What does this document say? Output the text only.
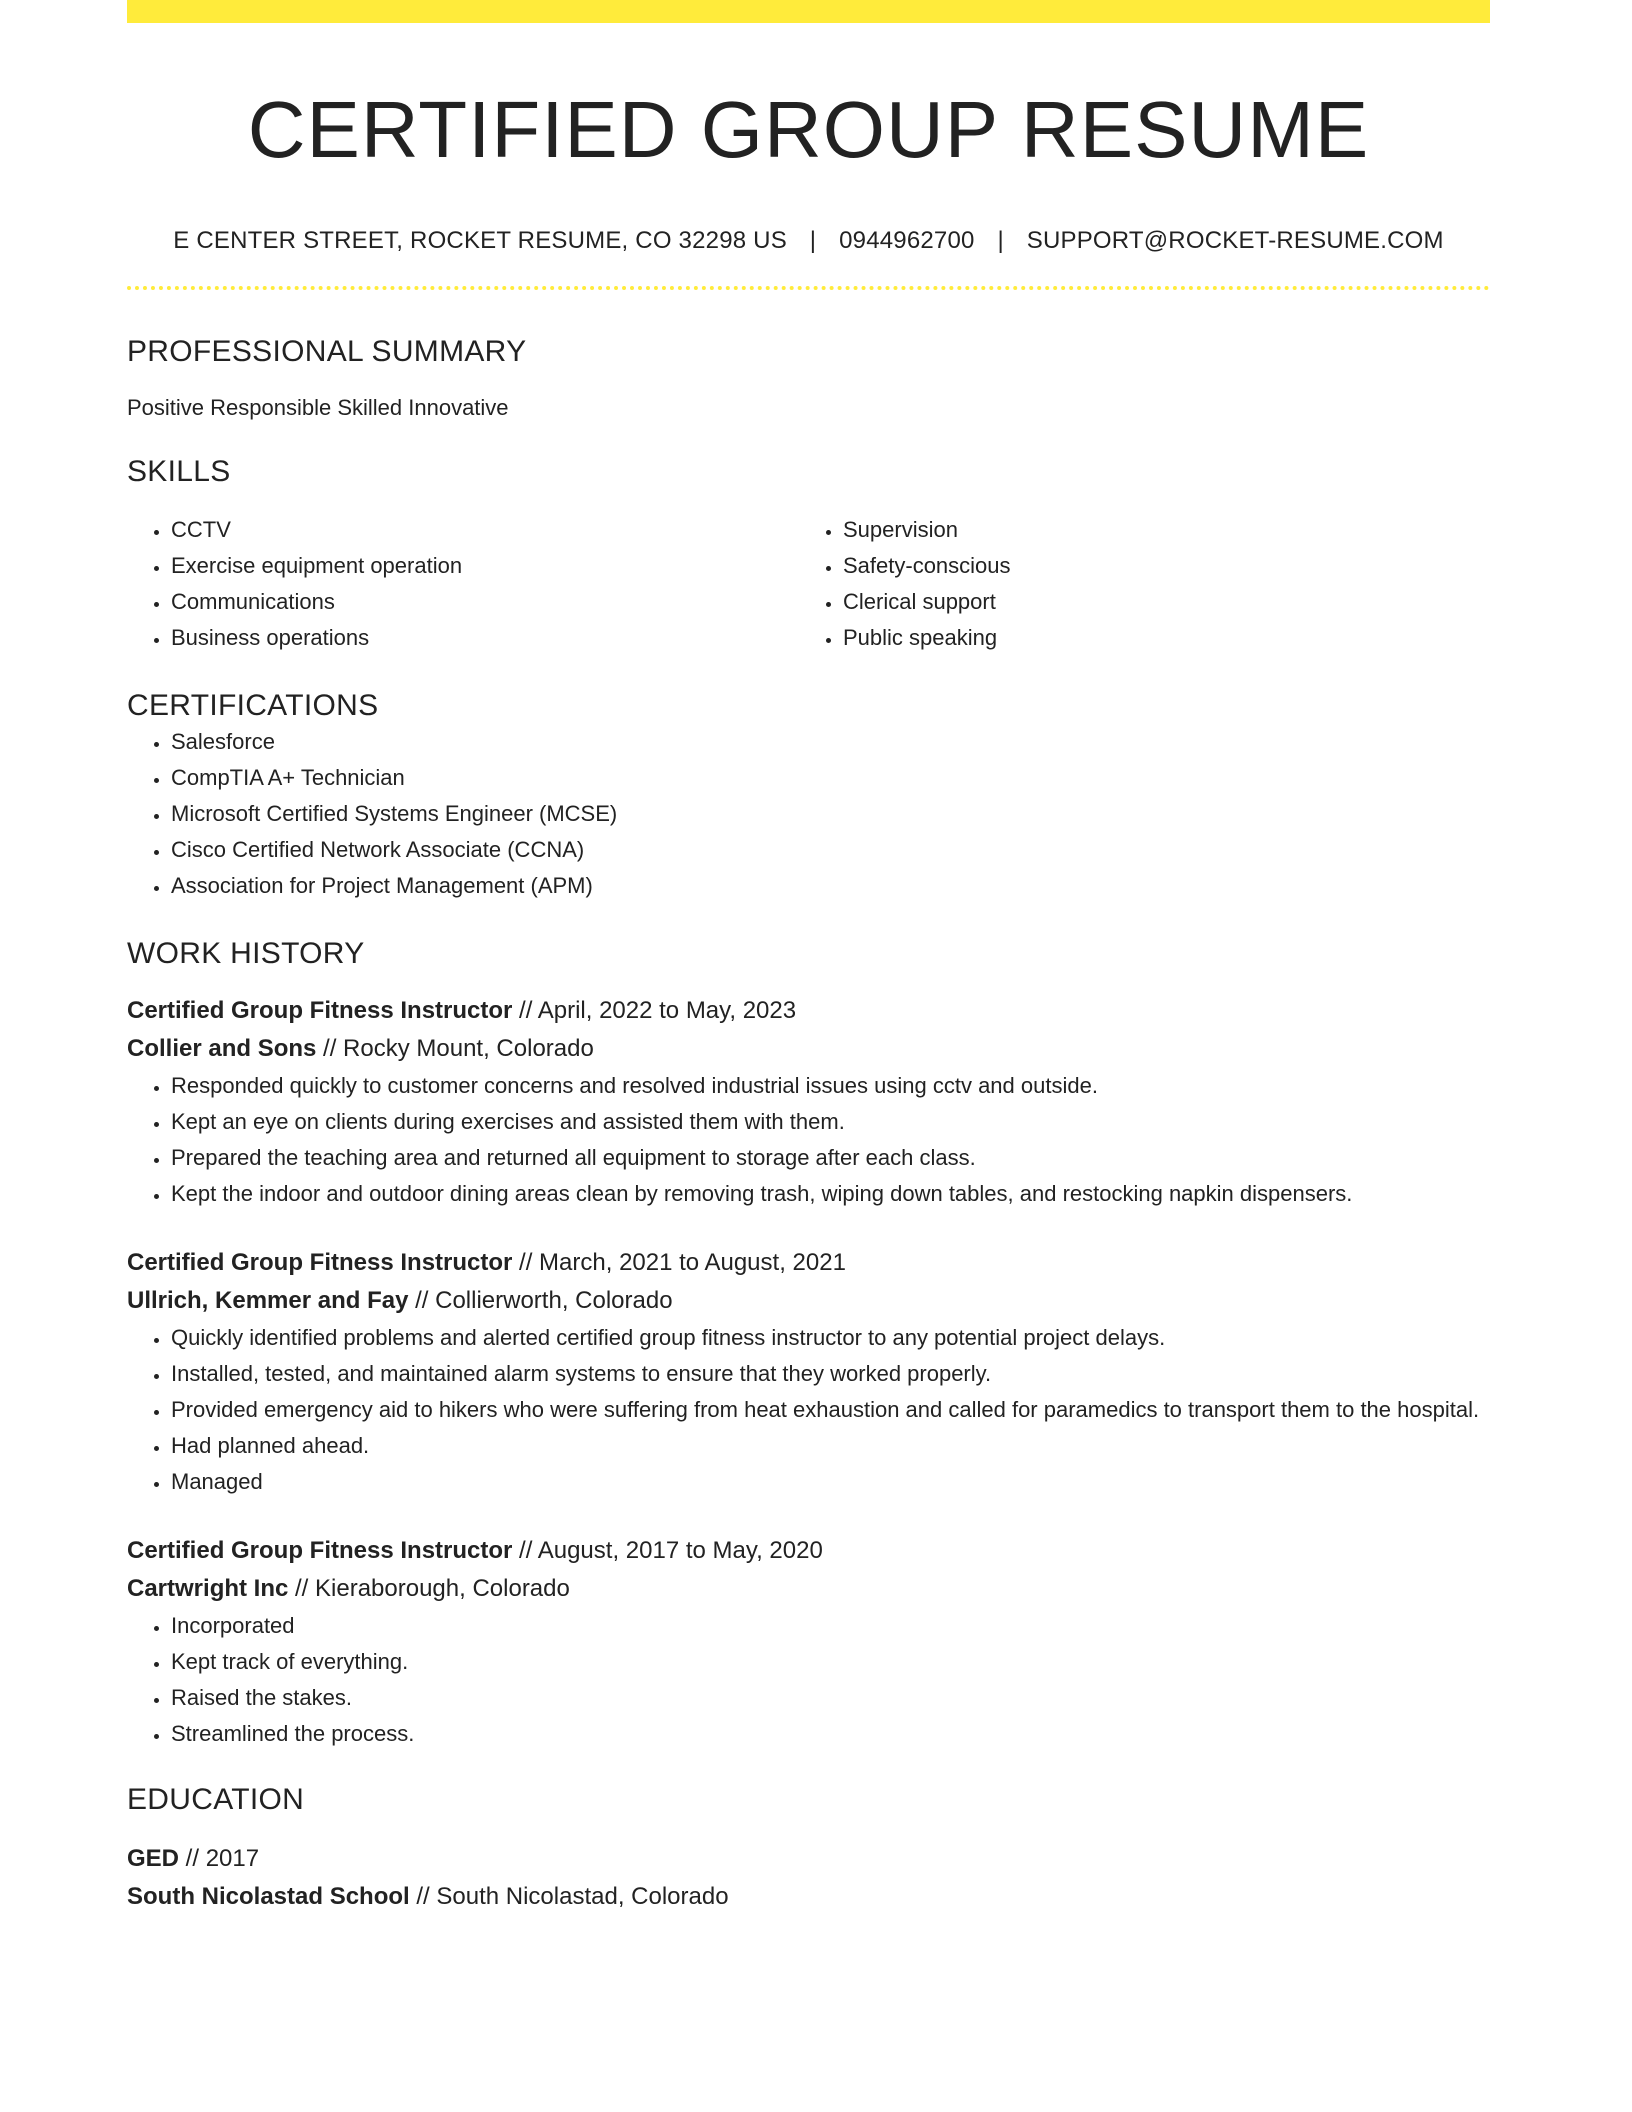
CERTIFIED GROUP RESUME
E CENTER STREET, ROCKET RESUME, CO 32298 US | 0944962700 | SUPPORT@ROCKET-RESUME.COM
PROFESSIONAL SUMMARY
Positive Responsible Skilled Innovative
SKILLS
• CCTV
• Exercise equipment operation
• Communications
• Business operations
• Supervision
• Safety-conscious
• Clerical support
• Public speaking
CERTIFICATIONS
• Salesforce
• CompTIA A+ Technician
• Microsoft Certified Systems Engineer (MCSE)
• Cisco Certified Network Associate (CCNA)
• Association for Project Management (APM)
WORK HISTORY
Certified Group Fitness Instructor // April, 2022 to May, 2023
Collier and Sons // Rocky Mount, Colorado
• Responded quickly to customer concerns and resolved industrial issues using cctv and outside.
• Kept an eye on clients during exercises and assisted them with them.
• Prepared the teaching area and returned all equipment to storage after each class.
• Kept the indoor and outdoor dining areas clean by removing trash, wiping down tables, and restocking napkin dispensers.
Certified Group Fitness Instructor // March, 2021 to August, 2021
Ullrich, Kemmer and Fay // Collierworth, Colorado
• Quickly identified problems and alerted certified group fitness instructor to any potential project delays.
• Installed, tested, and maintained alarm systems to ensure that they worked properly.
• Provided emergency aid to hikers who were suffering from heat exhaustion and called for paramedics to transport them to the hospital.
• Had planned ahead.
• Managed
Certified Group Fitness Instructor // August, 2017 to May, 2020
Cartwright Inc // Kieraborough, Colorado
• Incorporated
• Kept track of everything.
• Raised the stakes.
• Streamlined the process.
EDUCATION
GED // 2017
South Nicolastad School // South Nicolastad, Colorado
